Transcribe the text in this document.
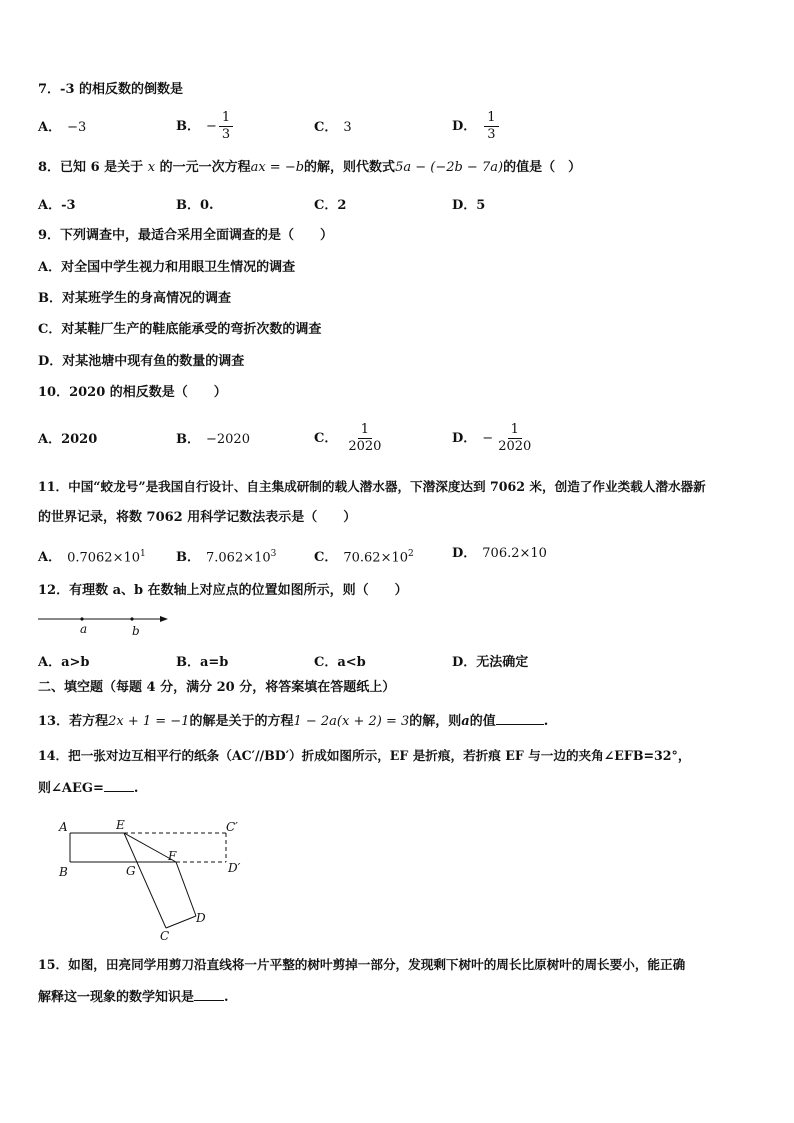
7．-3 的相反数的倒数是
A． −3	B． − $\frac{1}{3}$	C． 3	D． $\frac{1}{3}$
8．已知 6 是关于 x 的一元一次方程ax = −b的解，则代数式5a − (−2b − 7a)的值是（　）
A．-3	B．0.	C．2	D．5
9．下列调查中，最适合采用全面调查的是（　　）
A．对全国中学生视力和用眼卫生情况的调查
B．对某班学生的身高情况的调查
C．对某鞋厂生产的鞋底能承受的弯折次数的调查
D．对某池塘中现有鱼的数量的调查
10．2020 的相反数是（　　）
A．2020	B． −2020	C． $\frac{1}{2020}$	D． − $\frac{1}{2020}$
11．中国“蛟龙号”是我国自行设计、自主集成研制的载人潜水器，下潜深度达到 7062 米，创造了作业类载人潜水器新
的世界记录，将数 7062 用科学记数法表示是（　　）
A． $0.7062\times 10^1$ B． $7.062\times 10^3$	C． $70.62\times 10^2$	D． 706.2×10
12．有理数 a、b 在数轴上对应点的位置如图所示，则（　　）
a	b
A．a>b	B．a=b	C．a<b	D．无法确定
二、填空题（每题 4 分，满分 20 分，将答案填在答题纸上）
13．若方程2x + 1 = −1的解是关于的方程1 − 2a(x + 2) = 3的解，则a的值	.
14．把一张对边互相平行的纸条（AC′//BD′）折成如图所示，EF 是折痕，若折痕 EF 与一边的夹角∠EFB=32°，
则∠AEG= .
A	E	C′
B	G
F
D′
D
C
15．如图，田亮同学用剪刀沿直线将一片平整的树叶剪掉一部分，发现剩下树叶的周长比原树叶的周长要小，能正确
解释这一现象的数学知识是 .
